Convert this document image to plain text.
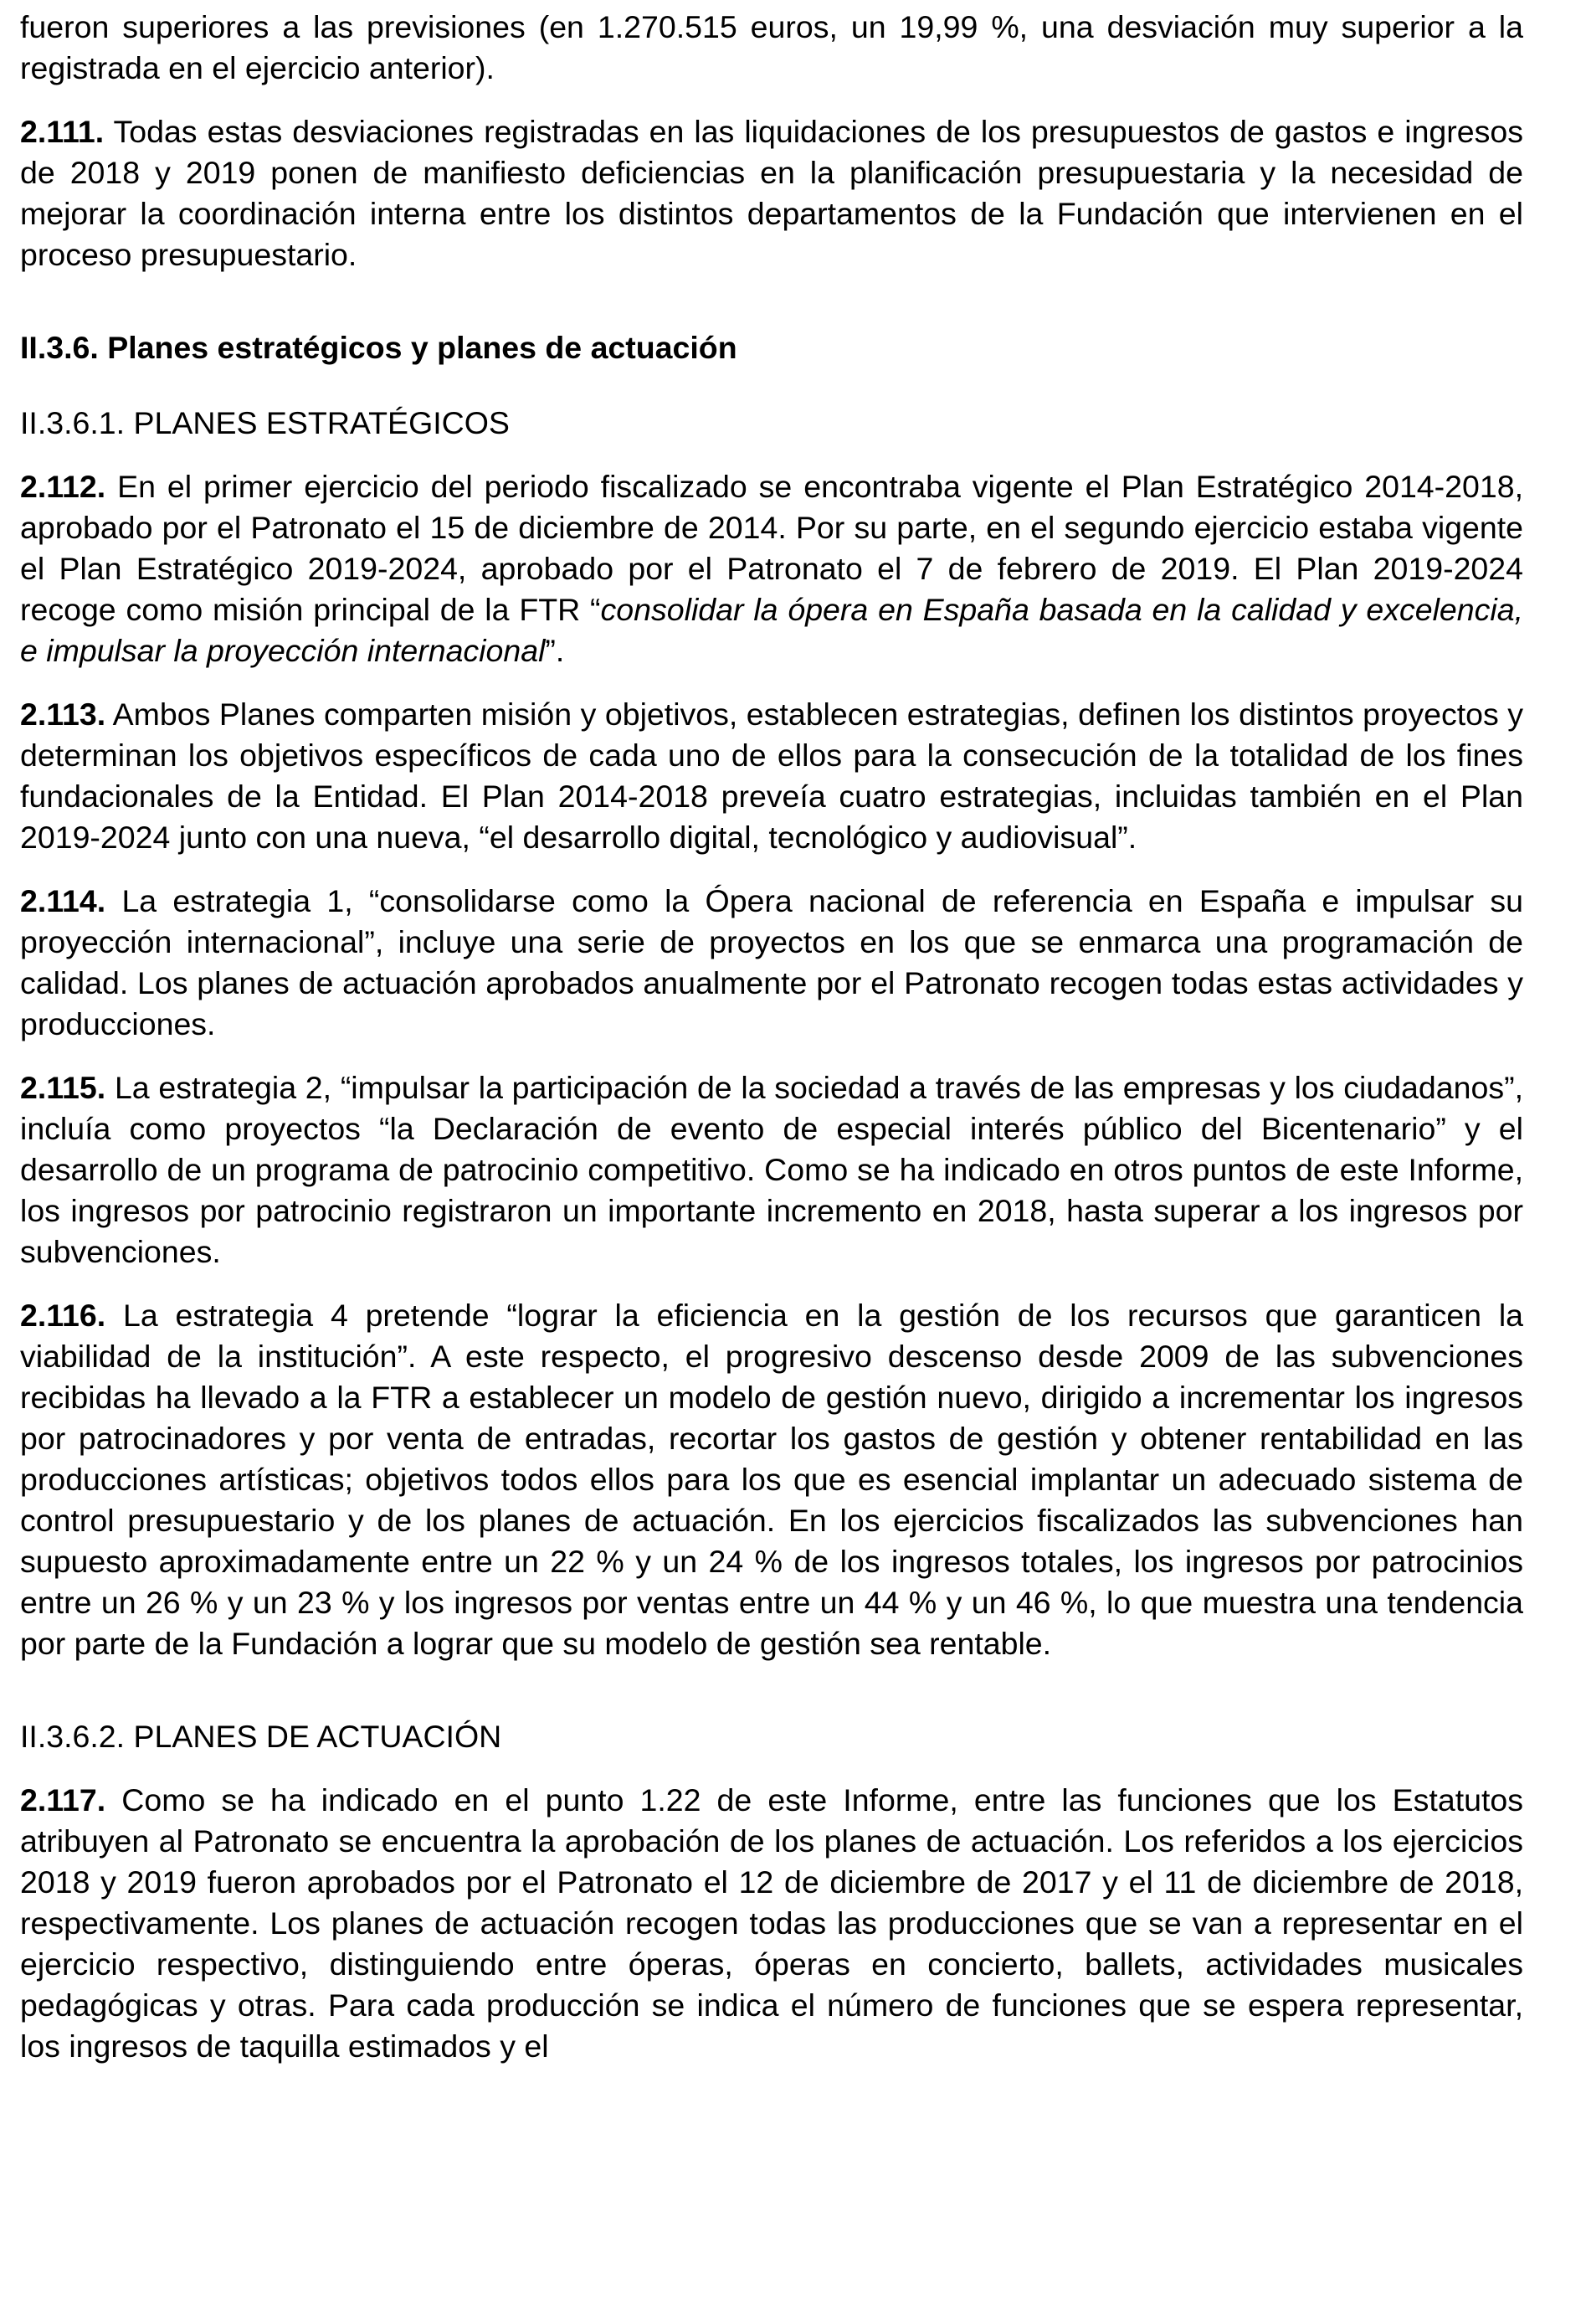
fueron superiores a las previsiones (en 1.270.515 euros, un 19,99 %, una desviación muy superior a la registrada en el ejercicio anterior).

2.111. Todas estas desviaciones registradas en las liquidaciones de los presupuestos de gastos e ingresos de 2018 y 2019 ponen de manifiesto deficiencias en la planificación presupuestaria y la necesidad de mejorar la coordinación interna entre los distintos departamentos de la Fundación que intervienen en el proceso presupuestario.

II.3.6. Planes estratégicos y planes de actuación

II.3.6.1. PLANES ESTRATÉGICOS

2.112. En el primer ejercicio del periodo fiscalizado se encontraba vigente el Plan Estratégico 2014-2018, aprobado por el Patronato el 15 de diciembre de 2014. Por su parte, en el segundo ejercicio estaba vigente el Plan Estratégico 2019-2024, aprobado por el Patronato el 7 de febrero de 2019. El Plan 2019-2024 recoge como misión principal de la FTR “consolidar la ópera en España basada en la calidad y excelencia, e impulsar la proyección internacional”.

2.113. Ambos Planes comparten misión y objetivos, establecen estrategias, definen los distintos proyectos y determinan los objetivos específicos de cada uno de ellos para la consecución de la totalidad de los fines fundacionales de la Entidad. El Plan 2014-2018 preveía cuatro estrategias, incluidas también en el Plan 2019-2024 junto con una nueva, “el desarrollo digital, tecnológico y audiovisual”.

2.114. La estrategia 1, “consolidarse como la Ópera nacional de referencia en España e impulsar su proyección internacional”, incluye una serie de proyectos en los que se enmarca una programación de calidad. Los planes de actuación aprobados anualmente por el Patronato recogen todas estas actividades y producciones.

2.115. La estrategia 2, “impulsar la participación de la sociedad a través de las empresas y los ciudadanos”, incluía como proyectos “la Declaración de evento de especial interés público del Bicentenario” y el desarrollo de un programa de patrocinio competitivo. Como se ha indicado en otros puntos de este Informe, los ingresos por patrocinio registraron un importante incremento en 2018, hasta superar a los ingresos por subvenciones.

2.116. La estrategia 4 pretende “lograr la eficiencia en la gestión de los recursos que garanticen la viabilidad de la institución”. A este respecto, el progresivo descenso desde 2009 de las subvenciones recibidas ha llevado a la FTR a establecer un modelo de gestión nuevo, dirigido a incrementar los ingresos por patrocinadores y por venta de entradas, recortar los gastos de gestión y obtener rentabilidad en las producciones artísticas; objetivos todos ellos para los que es esencial implantar un adecuado sistema de control presupuestario y de los planes de actuación. En los ejercicios fiscalizados las subvenciones han supuesto aproximadamente entre un 22 % y un 24 % de los ingresos totales, los ingresos por patrocinios entre un 26 % y un 23 % y los ingresos por ventas entre un 44 % y un 46 %, lo que muestra una tendencia por parte de la Fundación a lograr que su modelo de gestión sea rentable.

II.3.6.2. PLANES DE ACTUACIÓN

2.117. Como se ha indicado en el punto 1.22 de este Informe, entre las funciones que los Estatutos atribuyen al Patronato se encuentra la aprobación de los planes de actuación. Los referidos a los ejercicios 2018 y 2019 fueron aprobados por el Patronato el 12 de diciembre de 2017 y el 11 de diciembre de 2018, respectivamente. Los planes de actuación recogen todas las producciones que se van a representar en el ejercicio respectivo, distinguiendo entre óperas, óperas en concierto, ballets, actividades musicales pedagógicas y otras. Para cada producción se indica el número de funciones que se espera representar, los ingresos de taquilla estimados y el
